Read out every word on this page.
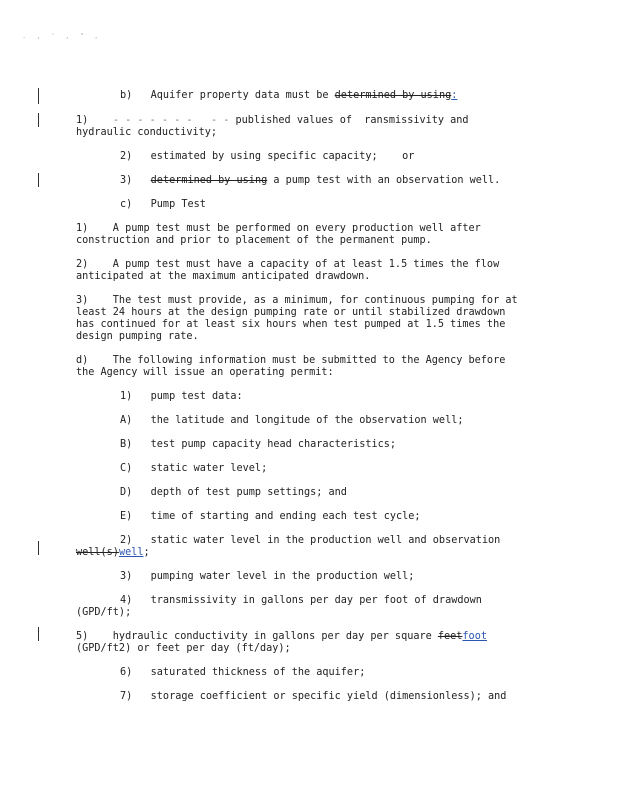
. , ' , " ,
b)   Aquifer property data must be determined by using:
1)    - - - - - - -   - - published values of  ransmissivity and
hydraulic conductivity;
2)   estimated by using specific capacity;    or
3)   determined by using a pump test with an observation well.
c)   Pump Test
1)    A pump test must be performed on every production well after
construction and prior to placement of the permanent pump.
2)    A pump test must have a capacity of at least 1.5 times the flow
anticipated at the maximum anticipated drawdown.
3)    The test must provide, as a minimum, for continuous pumping for at
least 24 hours at the design pumping rate or until stabilized drawdown
has continued for at least six hours when test pumped at 1.5 times the
design pumping rate.
d)    The following information must be submitted to the Agency before
the Agency will issue an operating permit:
1)   pump test data:
A)   the latitude and longitude of the observation well;
B)   test pump capacity head characteristics;
C)   static water level;
D)   depth of test pump settings; and
E)   time of starting and ending each test cycle;
2)   static water level in the production well and observation
well(s)well;
3)   pumping water level in the production well;
4)   transmissivity in gallons per day per foot of drawdown
(GPD/ft);
5)    hydraulic conductivity in gallons per day per square feetfoot
(GPD/ft2) or feet per day (ft/day);
6)   saturated thickness of the aquifer;
7)   storage coefficient or specific yield (dimensionless); and
